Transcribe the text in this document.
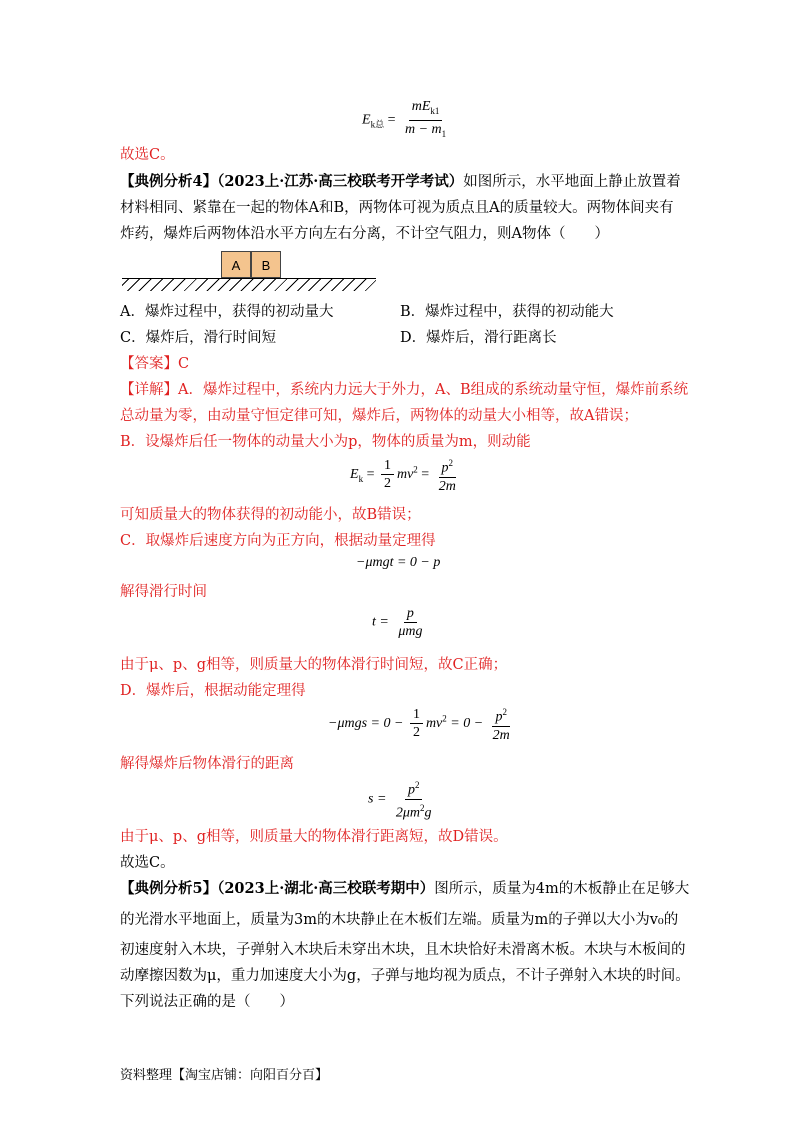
$E_{k总} = \frac{mE_{k1}}{m - m_1}$
故选C。
【典例分析4】（2023上·江苏·高三校联考开学考试）如图所示，水平地面上静止放置着
材料相同、紧靠在一起的物体A和B，两物体可视为质点且A的质量较大。两物体间夹有
炸药，爆炸后两物体沿水平方向左右分离，不计空气阻力，则A物体（　　）
A	B
A．爆炸过程中，获得的初动量大	B．爆炸过程中，获得的初动能大
C．爆炸后，滑行时间短	D．爆炸后，滑行距离长
【答案】C
【详解】A．爆炸过程中，系统内力远大于外力，A、B组成的系统动量守恒，爆炸前系统
总动量为零，由动量守恒定律可知，爆炸后，两物体的动量大小相等，故A错误；
B．设爆炸后任一物体的动量大小为p，物体的质量为m，则动能
$E_k = \frac{1}{2} mv^2 = \frac{p^2}{2m}$
可知质量大的物体获得的初动能小，故B错误；
C．取爆炸后速度方向为正方向，根据动量定理得
−μmgt = 0 − p
解得滑行时间
$t = \frac{p}{\text{μmg}}$
由于μ、p、g相等，则质量大的物体滑行时间短，故C正确；
D．爆炸后，根据动能定理得
$-\mu mgs = 0 - \frac{1}{2} mv^2 = 0 - \frac{p^2}{2m}$
解得爆炸后物体滑行的距离
$s = \frac{p^2}{2\mu m^2g}$
由于μ、p、g相等，则质量大的物体滑行距离短，故D错误。
故选C。
【典例分析5】（2023上·湖北·高三校联考期中）图所示，质量为4m的木板静止在足够大
的光滑水平地面上，质量为3m的木块静止在木板们左端。质量为m的子弹以大小为v₀的
初速度射入木块，子弹射入木块后未穿出木块，且木块恰好未滑离木板。木块与木板间的
动摩擦因数为μ，重力加速度大小为g，子弹与地均视为质点，不计子弹射入木块的时间。
下列说法正确的是（　　）
资料整理【淘宝店铺：向阳百分百】
